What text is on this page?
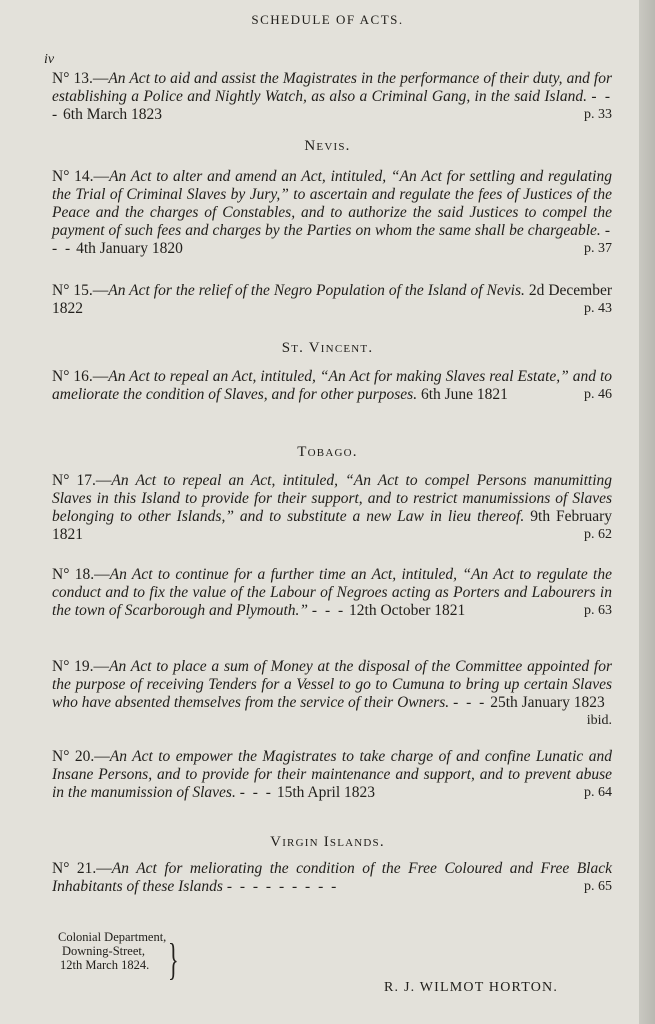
SCHEDULE OF ACTS.
iv
N° 13.—An Act to aid and assist the Magistrates in the performance of their duty, and for establishing a Police and Nightly Watch, as also a Criminal Gang, in the said Island. - - - 6th March 1823	p. 33
Nevis.
N° 14.—An Act to alter and amend an Act, intituled, “An Act for settling and regulating the Trial of Criminal Slaves by Jury,” to ascertain and regulate the fees of Justices of the Peace and the charges of Constables, and to authorize the said Justices to compel the payment of such fees and charges by the Parties on whom the same shall be chargeable. - - - 4th January 1820	p. 37
N° 15.—An Act for the relief of the Negro Population of the Island of Nevis. 2d December 1822	p. 43
St. Vincent.
N° 16.—An Act to repeal an Act, intituled, “An Act for making Slaves real Estate,” and to ameliorate the condition of Slaves, and for other purposes. 6th June 1821	p. 46
Tobago.
N° 17.—An Act to repeal an Act, intituled, “An Act to compel Persons manumitting Slaves in this Island to provide for their support, and to restrict manumissions of Slaves belonging to other Islands,” and to substitute a new Law in lieu thereof. 9th February 1821	p. 62
N° 18.—An Act to continue for a further time an Act, intituled, “An Act to regulate the conduct and to fix the value of the Labour of Negroes acting as Porters and Labourers in the town of Scarborough and Plymouth.” - - - 12th October 1821	p. 63
N° 19.—An Act to place a sum of Money at the disposal of the Committee appointed for the purpose of receiving Tenders for a Vessel to go to Cumuna to bring up certain Slaves who have absented themselves from the service of their Owners. - - - 25th January 1823
ibid.
N° 20.—An Act to empower the Magistrates to take charge of and confine Lunatic and Insane Persons, and to provide for their maintenance and support, and to prevent abuse in the manumission of Slaves. - - - 15th April 1823	p. 64
Virgin Islands.
N° 21.—An Act for meliorating the condition of the Free Coloured and Free Black Inhabitants of these Islands - - - - - - - - -	p. 65
Colonial Department,
Downing-Street,
12th March 1824. }
R. J. WILMOT HORTON.
